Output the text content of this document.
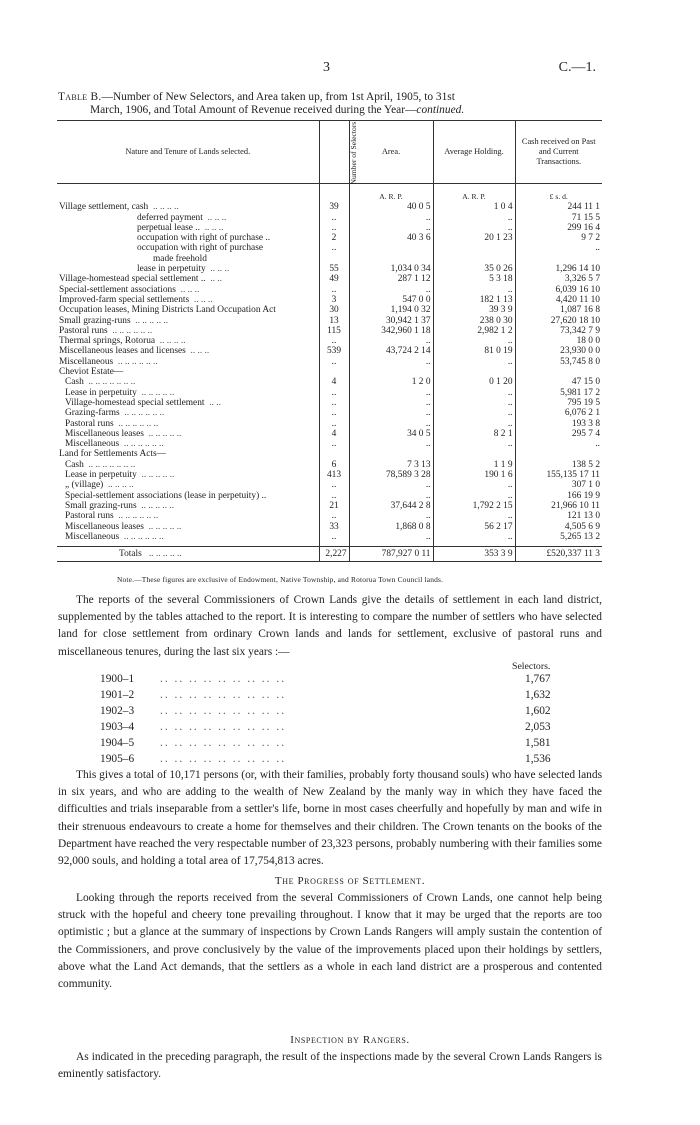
3	C.—1.
Table B.—Number of New Selectors, and Area taken up, from 1st April, 1905, to 31st
March, 1906, and Total Amount of Revenue received during the Year—continued.
Nature and Tenure of Lands selected.	Number of Selectors.	Area.	Average Holding.	Cash received on Past and Current Transactions.
		A. R. P.	A. R. P.	£ s. d.
Village settlement, cash .. .. .. ..	39	40 0 5	1 0 4	244 11 1
deferred payment .. .. ..	..	..	..	71 15 5
perpetual lease .. .. .. ..	..	..	..	299 16 4
occupation with right of purchase ..	2	40 3 6	20 1 23	9 7 2
occupation with right of purchase	..			..
made freehold				
lease in perpetuity .. .. ..	55	1,034 0 34	35 0 26	1,296 14 10
Village-homestead special settlement .. .. ..	49	287 1 12	5 3 18	3,326 5 7
Special-settlement associations .. .. ..	..	..	..	6,039 16 10
Improved-farm special settlements .. .. ..	3	547 0 0	182 1 13	4,420 11 10
Occupation leases, Mining Districts Land Occupation Act	30	1,194 0 32	39 3 9	1,087 16 8
Small grazing-runs .. .. .. .. ..	13	30,942 1 37	238 0 30	27,620 18 10
Pastoral runs .. .. .. .. .. ..	115	342,960 1 18	2,982 1 2	73,342 7 9
Thermal springs, Rotorua .. .. .. ..	..	..	..	18 0 0
Miscellaneous leases and licenses .. .. ..	539	43,724 2 14	81 0 19	23,930 0 0
Miscellaneous .. .. .. .. .. ..	..	..	..	53,745 8 0
Cheviot Estate—				
Cash .. .. .. .. .. .. ..	4	1 2 0	0 1 20	47 15 0
Lease in perpetuity .. .. .. .. ..	..	..	..	5,981 17 2
Village-homestead special settlement .. ..	..	..	..	795 19 5
Grazing-farms .. .. .. .. .. ..	..	..	..	6,076 2 1
Pastoral runs .. .. .. .. .. ..	..	..	..	193 3 8
Miscellaneous leases .. .. .. .. ..	4	34 0 5	8 2 1	295 7 4
Miscellaneous .. .. .. .. .. ..	..	..	..	..
Land for Settlements Acts—				
Cash .. .. .. .. .. .. ..	6	7 3 13	1 1 9	138 5 2
Lease in perpetuity .. .. .. .. ..	413	78,589 3 28	190 1 6	155,135 17 11
„ (village) .. .. .. ..	..	..	..	307 1 0
Special-settlement associations (lease in perpetuity) ..	..	..	..	166 19 9
Small grazing-runs .. .. .. .. ..	21	37,644 2 8	1,792 2 15	21,966 10 11
Pastoral runs .. .. .. .. .. ..	..	..	..	121 13 0
Miscellaneous leases .. .. .. .. ..	33	1,868 0 8	56 2 17	4,505 6 9
Miscellaneous .. .. .. .. .. ..	..	..	..	5,265 13 2

Totals .. .. .. .. ..	2,227	787,927 0 11	353 3 9	£520,337 11 3
Note.—These figures are exclusive of Endowment, Native Township, and Rotorua Town Council lands.
The reports of the several Commissioners of Crown Lands give the details of settlement in each land district, supplemented by the tables attached to the report. It is interesting to compare the number of settlers who have selected land for close settlement from ordinary Crown lands and lands for settlement, exclusive of pastoral runs and miscellaneous tenures, during the last six years :—
Selectors.
1900–1	.. .. .. .. .. .. .. .. ..	1,767
1901–2	.. .. .. .. .. .. .. .. ..	1,632
1902–3	.. .. .. .. .. .. .. .. ..	1,602
1903–4	.. .. .. .. .. .. .. .. ..	2,053
1904–5	.. .. .. .. .. .. .. .. ..	1,581
1905–6	.. .. .. .. .. .. .. .. ..	1,536
This gives a total of 10,171 persons (or, with their families, probably forty thousand souls) who have selected lands in six years, and who are adding to the wealth of New Zealand by the manly way in which they have faced the difficulties and trials inseparable from a settler's life, borne in most cases cheerfully and hopefully by man and wife in their strenuous endeavours to create a home for themselves and their children. The Crown tenants on the books of the Department have reached the very respectable number of 23,323 persons, probably numbering with their families some 92,000 souls, and holding a total area of 17,754,813 acres.
The Progress of Settlement.
Looking through the reports received from the several Commissioners of Crown Lands, one cannot help being struck with the hopeful and cheery tone prevailing throughout. I know that it may be urged that the reports are too optimistic ; but a glance at the summary of inspections by Crown Lands Rangers will amply sustain the contention of the Commissioners, and prove conclusively by the value of the improvements placed upon their holdings by settlers, above what the Land Act demands, that the settlers as a whole in each land district are a prosperous and contented community.
Inspection by Rangers.
As indicated in the preceding paragraph, the result of the inspections made by the several Crown Lands Rangers is eminently satisfactory.
